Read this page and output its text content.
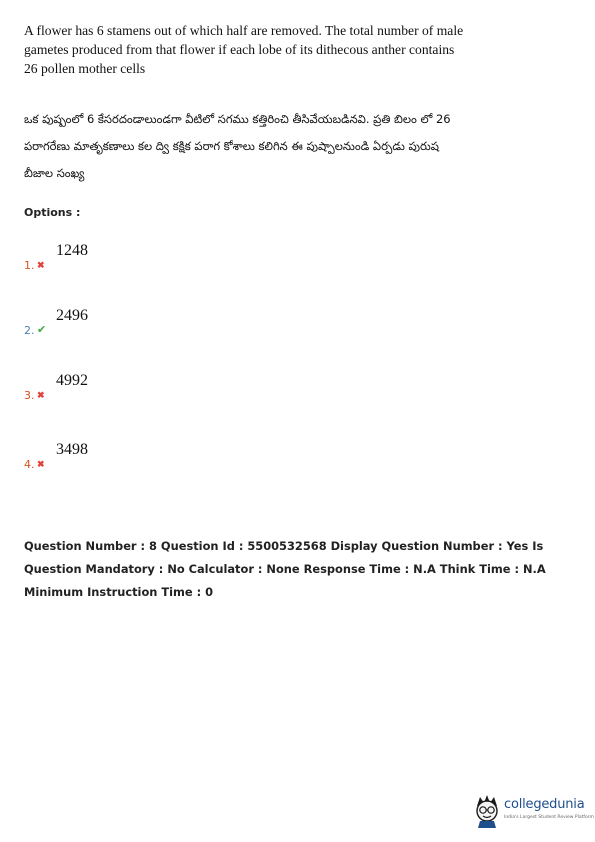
A flower has 6 stamens out of which half are removed. The total number of male gametes produced from that flower if each lobe of its dithecous anther contains 26 pollen mother cells
ఒక పుష్పంలో 6 కేసరదండాలుండగా వీటిలో సగము కత్తిరించి తీసివేయబడినవి. ప్రతి బిలం లో 26 పరాగరేణు మాతృకణాలు కల ద్వి కక్షిక పరాగ కోశాలు కలిగిన ఈ పుష్పాలనుండి ఏర్పడు పురుష బీజాల సంఖ్య
Options :
1. ✖
1248
2. ✔
2496
3. ✖
4992
4. ✖
3498
Question Number : 8 Question Id : 5500532568 Display Question Number : Yes Is Question Mandatory : No Calculator : None Response Time : N.A Think Time : N.A Minimum Instruction Time : 0
collegedunia
India's Largest Student Review Platform
